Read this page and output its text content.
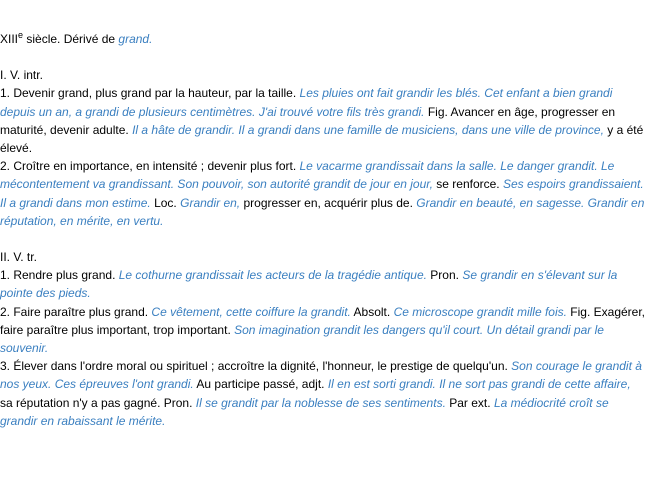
XIIIe siècle. Dérivé de grand.

I. V. intr.

1. Devenir grand, plus grand par la hauteur, par la taille. Les pluies ont fait grandir les blés. Cet enfant a bien grandi depuis un an, a grandi de plusieurs centimètres. J'ai trouvé votre fils très grandi. Fig. Avancer en âge, progresser en maturité, devenir adulte. Il a hâte de grandir. Il a grandi dans une famille de musiciens, dans une ville de province, y a été élevé.

2. Croître en importance, en intensité ; devenir plus fort. Le vacarme grandissait dans la salle. Le danger grandit. Le mécontentement va grandissant. Son pouvoir, son autorité grandit de jour en jour, se renforce. Ses espoirs grandissaient. Il a grandi dans mon estime. Loc. Grandir en, progresser en, acquérir plus de. Grandir en beauté, en sagesse. Grandir en réputation, en mérite, en vertu.

II. V. tr.

1. Rendre plus grand. Le cothurne grandissait les acteurs de la tragédie antique. Pron. Se grandir en s'élevant sur la pointe des pieds.

2. Faire paraître plus grand. Ce vêtement, cette coiffure la grandit. Absolt. Ce microscope grandit mille fois. Fig. Exagérer, faire paraître plus important, trop important. Son imagination grandit les dangers qu'il court. Un détail grandi par le souvenir.

3. Élever dans l'ordre moral ou spirituel ; accroître la dignité, l'honneur, le prestige de quelqu'un. Son courage le grandit à nos yeux. Ces épreuves l'ont grandi. Au participe passé, adjt. Il en est sorti grandi. Il ne sort pas grandi de cette affaire, sa réputation n'y a pas gagné. Pron. Il se grandit par la noblesse de ses sentiments. Par ext. La médiocrité croît se grandir en rabaissant le mérite.
